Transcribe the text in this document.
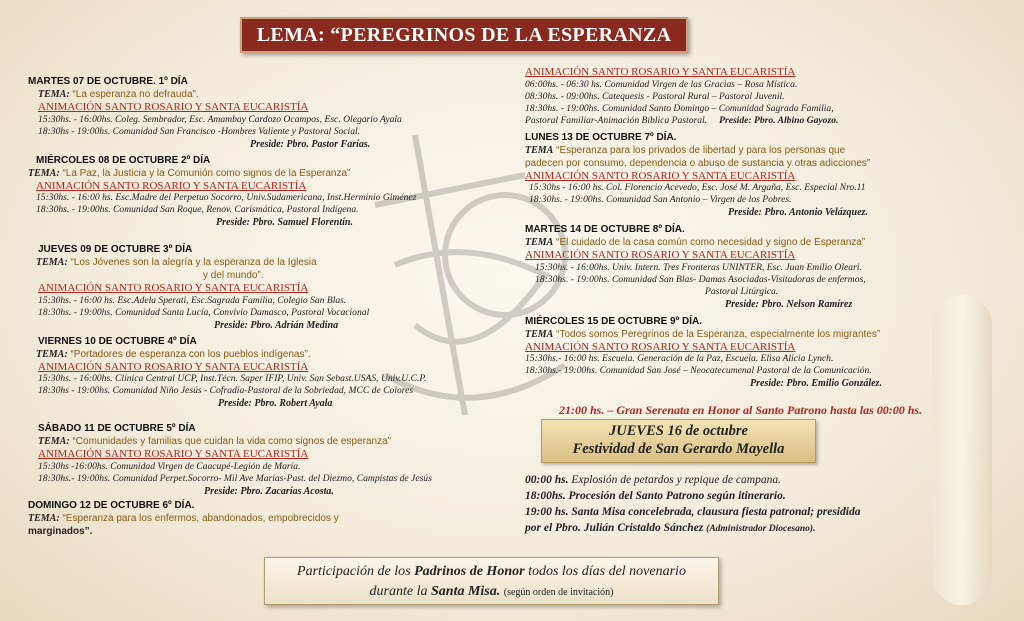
LEMA: “PEREGRINOS DE LA ESPERANZA
MARTES 07 DE OCTUBRE. 1º DÍA
TEMA: “La esperanza no defrauda”.
ANIMACIÓN SANTO ROSARIO Y SANTA EUCARISTÍA
15:30hs. - 16:00hs. Coleg. Sembrador, Esc. Amambay Cardozo Ocampos, Esc. Olegario Ayala
18:30hs - 19:00hs. Comunidad San Francisco -Hombres Valiente y Pastoral Social.
Preside: Pbro. Pastor Farías.
MIÉRCOLES 08 DE OCTUBRE 2º DÍA
TEMA: “La Paz, la Justicia y la Comunión como signos de la Esperanza”
ANIMACIÓN SANTO ROSARIO Y SANTA EUCARISTÍA
15:30hs. - 16:00 hs. Esc.Madre del Perpetuo Socorro, Univ.Sudamericana, Inst.Herminio Giménez
18:30hs. - 19:00hs. Comunidad San Roque, Renov. Carismática, Pastoral Indígena.
Preside: Pbro. Samuel Florentín.
JUEVES 09 DE OCTUBRE 3º DÍA
TEMA: “Los Jóvenes son la alegría y la esperanza de la Iglesia
y del mundo”.
ANIMACIÓN SANTO ROSARIO Y SANTA EUCARISTÍA
15:30hs. - 16:00 hs. Esc.Adela Sperati, Esc.Sagrada Familia, Colegio San Blas.
18:30hs. - 19:00hs. Comunidad Santa Lucía, Convivio Damasco, Pastoral Vocacional
Preside: Pbro. Adrián Medina
VIERNES 10 DE OCTUBRE 4º DÍA
TEMA: “Portadores de esperanza con los pueblos indígenas”.
ANIMACIÓN SANTO ROSARIO Y SANTA EUCARISTÍA
15:30hs. - 16:00hs. Clínica Central UCP, Inst.Técn. Saper IFIP, Univ. San Sebast.USAS, Univ.U.C.P.
18:30hs - 19:00hs. Comunidad Niño Jesús - Cofradía-Pastoral de la Sobriedad, MCC de Colores
Preside: Pbro. Robert Ayala
SÁBADO 11 DE OCTUBRE 5º DÍA
TEMA: “Comunidades y familias que cuidan la vida como signos de esperanza”
ANIMACIÓN SANTO ROSARIO Y SANTA EUCARISTÍA
15:30hs -16:00hs. Comunidad Virgen de Caacupé-Legión de María.
18:30hs.- 19:00hs. Comunidad Perpet.Socorro- Mil Ave Marías-Past. del Diezmo, Campistas de Jesús
Preside: Pbro. Zacarías Acosta.
DOMINGO 12 DE OCTUBRE 6º DÍA.
TEMA: “Esperanza para los enfermos, abandonados, empobrecidos y
marginados”.
ANIMACIÓN SANTO ROSARIO Y SANTA EUCARISTÍA
06:00hs. - 06:30 hs. Comunidad Virgen de las Gracias – Rosa Mística.
08:30hs. - 09:00hs. Catequesis - Pastoral Rural – Pastoral Juvenil.
18:30hs. - 19:00hs. Comunidad Santo Domingo – Comunidad Sagrada Familia,
Pastoral Familiar-Animación Bíblica Pastoral. Preside: Pbro. Albino Gayozo.
LUNES 13 DE OCTUBRE 7º DÍA.
TEMA “Esperanza para los privados de libertad y para los personas que
padecen por consumo, dependencia o abuso de sustancia y otras adicciones”
ANIMACIÓN SANTO ROSARIO Y SANTA EUCARISTÍA
15:30hs - 16:00 hs. Col. Florencio Acevedo, Esc. José M. Argaña, Esc. Especial Nro.11
18:30hs. - 19:00hs. Comunidad San Antonio – Virgen de los Pobres.
Preside: Pbro. Antonio Velázquez.
MARTES 14 DE OCTUBRE 8º DÍA.
TEMA “El cuidado de la casa común como necesidad y signo de Esperanza”
ANIMACIÓN SANTO ROSARIO Y SANTA EUCARISTÍA
15:30hs. - 16:00hs. Univ. Intern. Tres Fronteras UNINTER, Esc. Juan Emilio Oleari.
18:30hs. - 19:00hs. Comunidad San Blas- Damas Asociadas-Visitadoras de enfermos,
Pastoral Litúrgica.
Preside: Pbro. Nelson Ramírez
MIÉRCOLES 15 DE OCTUBRE 9º DÍA.
TEMA “Todos somos Peregrinos de la Esperanza, especialmente los migrantes”
ANIMACIÓN SANTO ROSARIO Y SANTA EUCARISTÍA
15:30hs.- 16:00 hs. Escuela. Generación de la Paz, Escuela. Elisa Alicia Lynch.
18:30hs.- 19:00hs. Comunidad San José – Neocatecumenal Pastoral de la Comunicación.
Preside: Pbro. Emilio González.
21:00 hs. – Gran Serenata en Honor al Santo Patrono hasta las 00:00 hs.
JUEVES 16 de octubre
Festividad de San Gerardo Mayella
00:00 hs. Explosión de petardos y repique de campana.
18:00hs. Procesión del Santo Patrono según itinerario.
19:00 hs. Santa Misa concelebrada, clausura fiesta patronal; presidida
por el Pbro. Julián Cristaldo Sánchez (Administrador Diocesano).
Participación de los Padrinos de Honor todos los días del novenario
durante la Santa Misa. (según orden de invitación)
